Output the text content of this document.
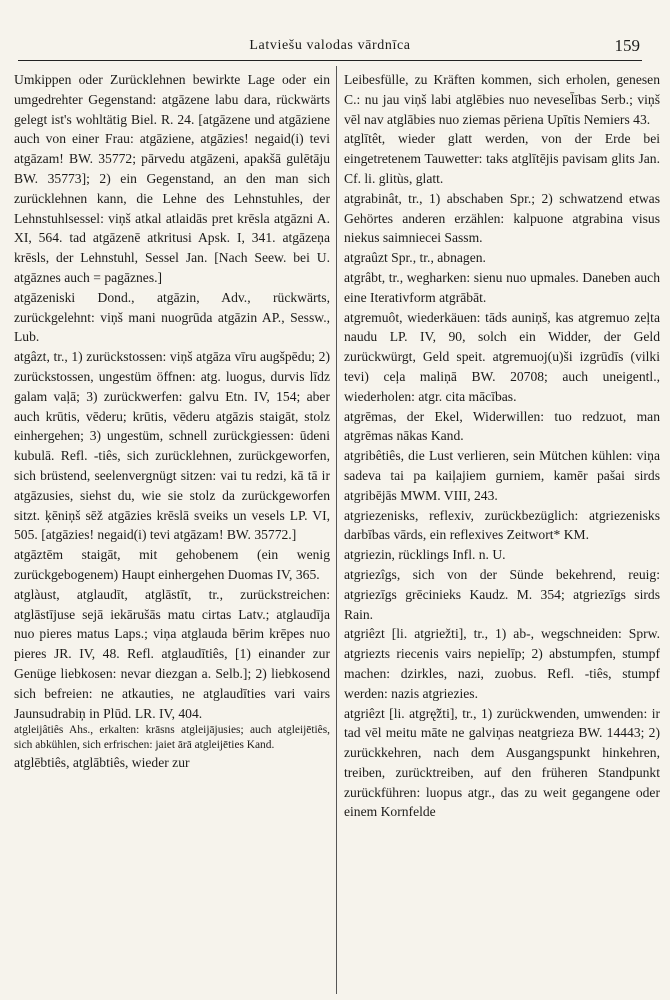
Latviešu valodas vārdnīca	159

Umkippen oder Zurücklehnen bewirkte Lage oder ein umgedrehter Gegenstand: atgāzene labu dara, rückwärts gelegt ist's wohltätig Biel. R. 24. [atgāzene und atgāziene auch von einer Frau: atgāziene, atgāzies! negaid(i) tevi atgāzam! BW. 35772; pārvedu atgāzeni, apakšā gulētāju BW. 35773]; 2) ein Gegenstand, an den man sich zurücklehnen kann, die Lehne des Lehnstuhles, der Lehnstuhlsessel: viņš atkal atlaidās pret krēsla atgāzni A. XI, 564. tad atgāzenē atkritusi Apsk. I, 341. atgāzeņa krēsls, der Lehnstuhl, Sessel Jan. [Nach Seew. bei U. atgāznes auch = pagāznes.]

atgāzeniski Dond., atgāzin, Adv., rückwärts, zurückgelehnt: viņš mani nuogrūda atgāzin AP., Sessw., Lub.

atgâzt, tr., 1) zurückstossen: viņš atgāza vīru augšpēdu; 2) zurückstossen, ungestüm öffnen: atg. luogus, durvis līdz galam vaļā; 3) zurückwerfen: galvu Etn. IV, 154; aber auch krūtis, vēderu; krūtis, vēderu atgāzis staigāt, stolz einhergehen; 3) ungestüm, schnell zurückgiessen: ūdeni kubulā. Refl. -tiês, sich zurücklehnen, zurückgeworfen, sich brüstend, seelenvergnügt sitzen: vai tu redzi, kā tā ir atgāzusies, siehst du, wie sie stolz da zurückgeworfen sitzt. ķēniņš sēž atgāzies krēslā sveiks un vesels LP. VI, 505. [atgāzies! negaid(i) tevi atgāzam! BW. 35772.]

atgāztēm staigāt, mit gehobenem (ein wenig zurückgebogenem) Haupt einhergehen Duomas IV, 365.

atglàust, atglaudīt, atglāstīt, tr., zurückstreichen: atglāstījuse sejā iekārušās matu cirtas Latv.; atglaudīja nuo pieres matus Laps.; viņa atglauda bērim krēpes nuo pieres JR. IV, 48. Refl. atglaudītiês, [1) einander zur Genüge liebkosen: nevar diezgan a. Selb.]; 2) liebkosend sich befreien: ne atkauties, ne atglaudīties vari vairs Jaunsudrabiņ in Plūd. LR. IV, 404.

atgleijâtiês Ahs., erkalten: krāsns atgleijājusies; auch atgleijētiês, sich abkühlen, sich erfrischen: jaiet ārā atgleijēties Kand.

atglēbtiês, atglābtiês, wieder zur

Leibesfülle, zu Kräften kommen, sich erholen, genesen C.: nu jau viņš labi atglēbies nuo nevesel̄ības Serb.; viņš vēl nav atglābies nuo ziemas pēriena Upītis Nemiers 43.

atglītêt, wieder glatt werden, von der Erde bei eingetretenem Tauwetter: taks atglītējis pavisam glits Jan. Cf. li. glitùs, glatt.

atgrabinât, tr., 1) abschaben Spr.; 2) schwatzend etwas Gehörtes anderen erzählen: kalpuone atgrabina visus niekus saimniecei Sassm.

atgraûzt Spr., tr., abnagen.

atgrâbt, tr., wegharken: sienu nuo upmales. Daneben auch eine Iterativform atgrābāt.

atgremuôt, wiederkäuen: tāds auniņš, kas atgremuo zeļta naudu LP. IV, 90, solch ein Widder, der Geld zurückwürgt, Geld speit. atgremuoj(u)ši izgrūdīs (vilki tevi) ceļa maliņā BW. 20708; auch uneigentl., wiederholen: atgr. cita mācības.

atgrēmas, der Ekel, Widerwillen: tuo redzuot, man atgrēmas nākas Kand.

atgribêtiês, die Lust verlieren, sein Mütchen kühlen: viņa sadeva tai pa kaiļajiem gurniem, kamēr pašai sirds atgribējās MWM. VIII, 243.

atgriezenisks, reflexiv, zurückbezüglich: atgriezenisks darbības vārds, ein reflexives Zeitwort* KM.

atgriezin, rücklings Infl. n. U.

atgriezîgs, sich von der Sünde bekehrend, reuig: atgriezīgs grēcinieks Kaudz. M. 354; atgriezīgs sirds Rain.

atgriêzt [li. atgriežti], tr., 1) ab-, wegschneiden: Sprw. atgriezts riecenis vairs nepielīp; 2) abstumpfen, stumpf machen: dzirkles, nazi, zuobus. Refl. -tiês, stumpf werden: nazis atgriezies.

atgriêzt [li. atgrę̃žti], tr., 1) zurückwenden, umwenden: ir tad vēl meitu māte ne galviņas neatgrieza BW. 14443; 2) zurückkehren, nach dem Ausgangspunkt hinkehren, treiben, zurücktreiben, auf den früheren Standpunkt zurückführen: luopus atgr., das zu weit gegangene oder einem Kornfelde
